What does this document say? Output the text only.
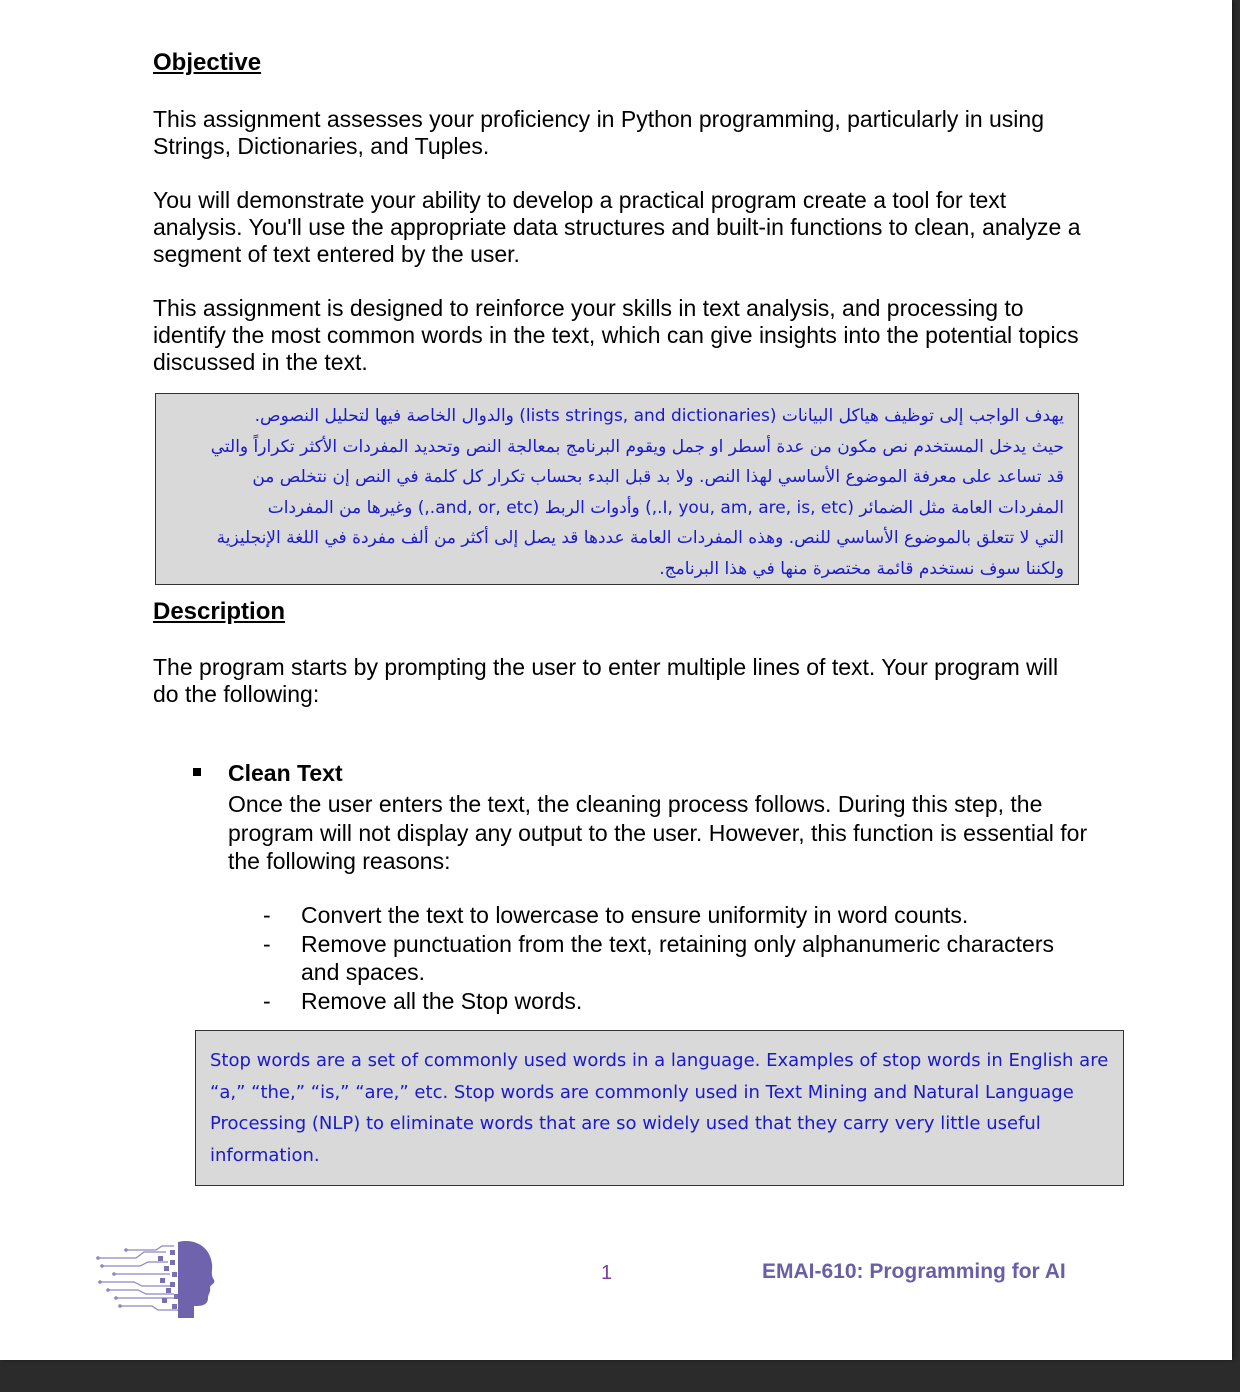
Objective

This assignment assesses your proficiency in Python programming, particularly in using Strings, Dictionaries, and Tuples.

You will demonstrate your ability to develop a practical program create a tool for text analysis. You'll use the appropriate data structures and built-in functions to clean, analyze a segment of text entered by the user.

This assignment is designed to reinforce your skills in text analysis, and processing to identify the most common words in the text, which can give insights into the potential topics discussed in the text.

يهدف الواجب إلى توظيف هياكل البيانات (lists strings, and dictionaries) والدوال الخاصة فيها لتحليل النصوص.

حيث يدخل المستخدم نص مكون من عدة أسطر او جمل ويقوم البرنامج بمعالجة النص وتحديد المفردات الأكثر تكراراً والتي

قد تساعد على معرفة الموضوع الأساسي لهذا النص. ولا بد قبل البدء بحساب تكرار كل كلمة في النص إن نتخلص من

المفردات العامة مثل الضمائر (I, you, am, are, is, etc.,) وأدوات الربط (and, or, etc.,) وغيرها من المفردات

التي لا تتعلق بالموضوع الأساسي للنص. وهذه المفردات العامة عددها قد يصل إلى أكثر من ألف مفردة في اللغة الإنجليزية

ولكننا سوف نستخدم قائمة مختصرة منها في هذا البرنامج.

Description

The program starts by prompting the user to enter multiple lines of text. Your program will do the following:

Clean Text

Once the user enters the text, the cleaning process follows. During this step, the program will not display any output to the user. However, this function is essential for the following reasons:

- Convert the text to lowercase to ensure uniformity in word counts.
- Remove punctuation from the text, retaining only alphanumeric characters and spaces.
- Remove all the Stop words.

Stop words are a set of commonly used words in a language. Examples of stop words in English are “a,” “the,” “is,” “are,” etc. Stop words are commonly used in Text Mining and Natural Language Processing (NLP) to eliminate words that are so widely used that they carry very little useful information.

1	EMAI-610: Programming for AI
